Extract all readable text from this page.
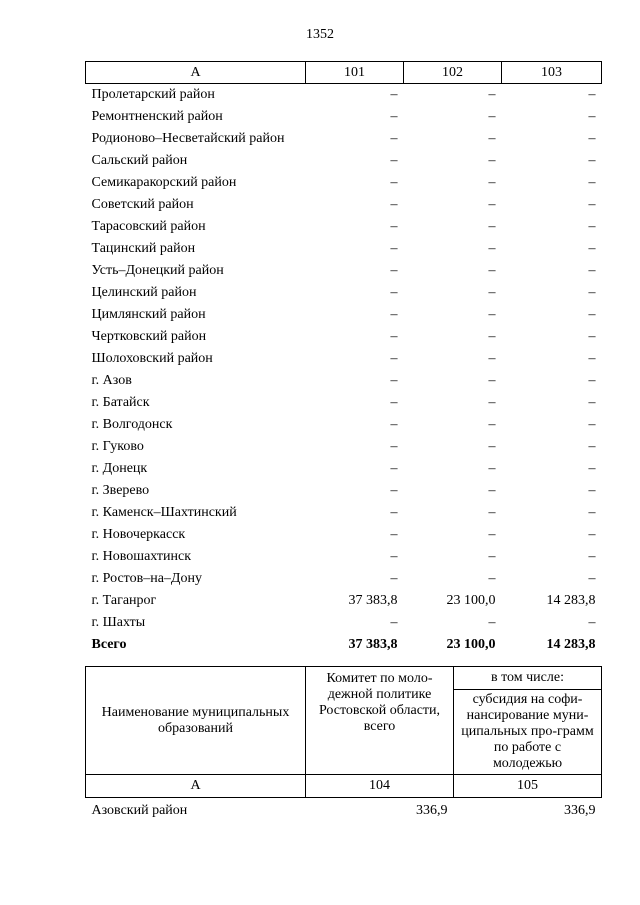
1352
А	101	102	103
Пролетарский район	–	–	–
Ремонтненский район	–	–	–
Родионово–Несветайский район	–	–	–
Сальский район	–	–	–
Семикаракорский район	–	–	–
Советский район	–	–	–
Тарасовский район	–	–	–
Тацинский район	–	–	–
Усть–Донецкий район	–	–	–
Целинский район	–	–	–
Цимлянский район	–	–	–
Чертковский район	–	–	–
Шолоховский район	–	–	–
г. Азов	–	–	–
г. Батайск	–	–	–
г. Волгодонск	–	–	–
г. Гуково	–	–	–
г. Донецк	–	–	–
г. Зверево	–	–	–
г. Каменск–Шахтинский	–	–	–
г. Новочеркасск	–	–	–
г. Новошахтинск	–	–	–
г. Ростов–на–Дону	–	–	–
г. Таганрог	37 383,8	23 100,0	14 283,8
г. Шахты	–	–	–
Всего	37 383,8	23 100,0	14 283,8
Наименование муниципальных образований	Комитет по моло-дежной политике Ростовской области, всего	в том числе:
		субсидия на софи-нансирование муни-ципальных про-грамм по работе с молодежью
А	104	105
Азовский район	336,9	336,9
